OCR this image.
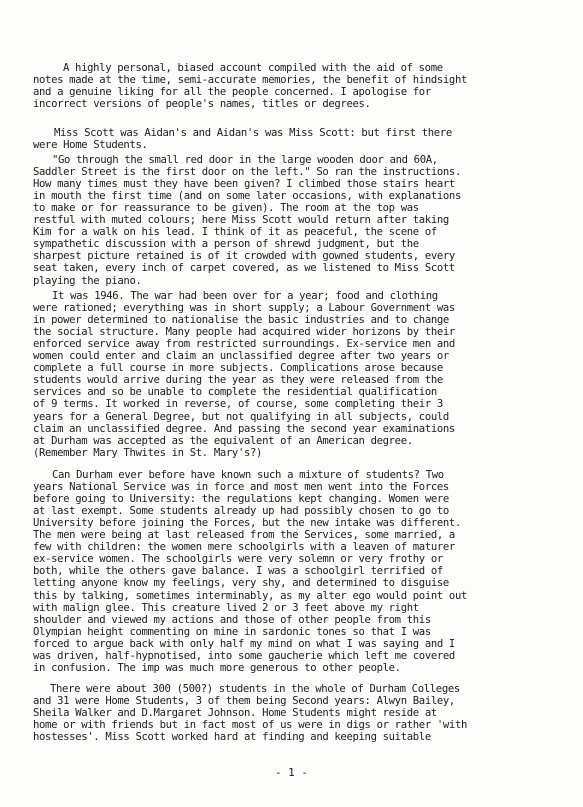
A highly personal, biased account compiled with the aid of some
notes made at the time, semi-accurate memories, the benefit of hindsight
and a genuine liking for all the people concerned. I apologise for
incorrect versions of people's names, titles or degrees.
Miss Scott was Aidan's and Aidan's was Miss Scott: but first there
were Home Students.
"Go through the small red door in the large wooden door and 60A,
Saddler Street is the first door on the left." So ran the instructions.
How many times must they have been given? I climbed those stairs heart
in mouth the first time (and on some later occasions, with explanations
to make or for reassurance to be given). The room at the top was
restful with muted colours; here Miss Scott would return after taking
Kim for a walk on his lead. I think of it as peaceful, the scene of
sympathetic discussion with a person of shrewd judgment, but the
sharpest picture retained is of it crowded with gowned students, every
seat taken, every inch of carpet covered, as we listened to Miss Scott
playing the piano.
It was 1946. The war had been over for a year; food and clothing
were rationed; everything was in short supply; a Labour Government was
in power determined to nationalise the basic industries and to change
the social structure. Many people had acquired wider horizons by their
enforced service away from restricted surroundings. Ex-service men and
women could enter and claim an unclassified degree after two years or
complete a full course in more subjects. Complications arose because
students would arrive during the year as they were released from the
services and so be unable to complete the residential qualification
of 9 terms. It worked in reverse, of course, some completing their 3
years for a General Degree, but not qualifying in all subjects, could
claim an unclassified degree. And passing the second year examinations
at Durham was accepted as the equivalent of an American degree.
(Remember Mary Thwites in St. Mary's?)
Can Durham ever before have known such a mixture of students? Two
years National Service was in force and most men went into the Forces
before going to University: the regulations kept changing. Women were
at last exempt. Some students already up had possibly chosen to go to
University before joining the Forces, but the new intake was different.
The men were being at last released from the Services, some married, a
few with children: the women mere schoolgirls with a leaven of maturer
ex-service women. The schoolgirls were very solemn or very frothy or
both, while the others gave balance. I was a schoolgirl terrified of
letting anyone know my feelings, very shy, and determined to disguise
this by talking, sometimes interminably, as my alter ego would point out
with malign glee. This creature lived 2 or 3 feet above my right
shoulder and viewed my actions and those of other people from this
Olympian height commenting on mine in sardonic tones so that I was
forced to argue back with only half my mind on what I was saying and I
was driven, half-hypnotised, into some gaucherie which left me covered
in confusion. The imp was much more generous to other people.
There were about 300 (500?) students in the whole of Durham Colleges
and 31 were Home Students, 3 of them being Second years: Alwyn Bailey,
Sheila Walker and D.Margaret Johnson. Home Students might reside at
home or with friends but in fact most of us were in digs or rather 'with
hostesses'. Miss Scott worked hard at finding and keeping suitable
- 1 -
